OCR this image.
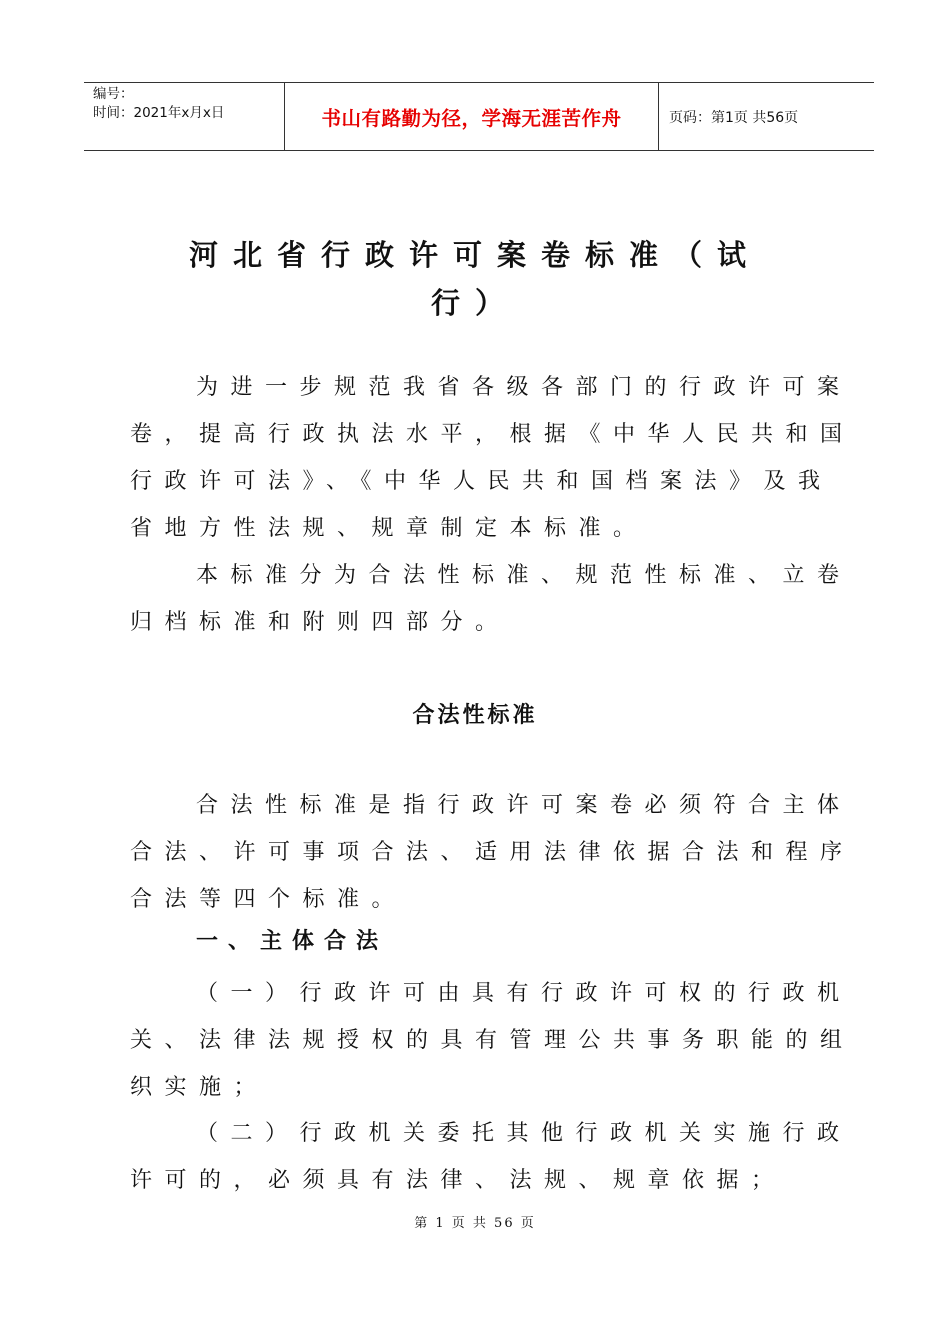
编号：
时间：2021年x月x日	书山有路勤为径，学海无涯苦作舟	页码：第1页 共56页
河北省行政许可案卷标准（试
行）
为进一步规范我省各级各部门的行政许可案
卷，提高行政执法水平，根据《中华人民共和国
行政许可法》、《中华人民共和国档案法》及我
省地方性法规、规章制定本标准。
本标准分为合法性标准、规范性标准、立卷
归档标准和附则四部分。
合法性标准
合法性标准是指行政许可案卷必须符合主体
合法、许可事项合法、适用法律依据合法和程序
合法等四个标准。
一、主体合法
（一）行政许可由具有行政许可权的行政机
关、法律法规授权的具有管理公共事务职能的组
织实施；
（二）行政机关委托其他行政机关实施行政
许可的，必须具有法律、法规、规章依据；
第 1 页 共 56 页
